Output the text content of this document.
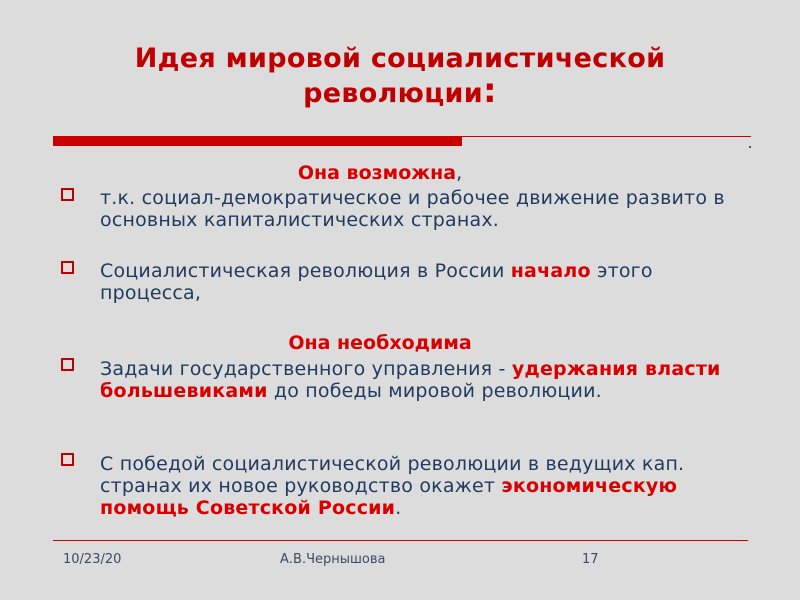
Идея мировой социалистической
революции:
Она возможна,
т.к. социал-демократическое и рабочее движение развито в основных капиталистических странах.
Социалистическая революция в России начало этого процесса,
Она необходима
Задачи государственного управления - удержания власти большевиками до победы мировой революции.
С победой социалистической революции в ведущих кап. странах их новое руководство окажет экономическую помощь Советской России.
10/23/20	А.В.Чернышова	17
